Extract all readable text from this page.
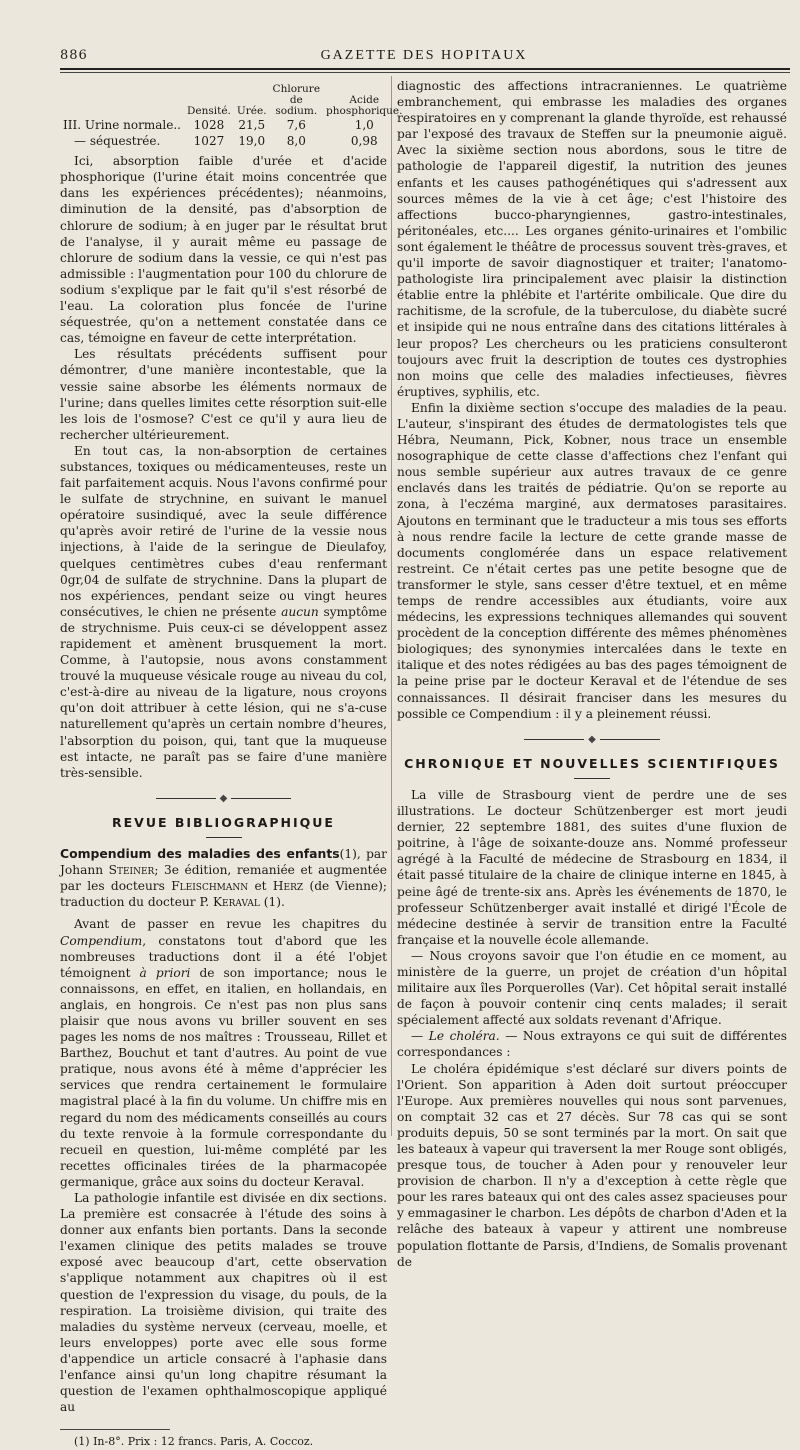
886	GAZETTE DES HOPITAUX
	Densité.	Urée.	Chlorure de sodium.	Acide phosphorique.
III. Urine normale..	1028	21,5	7,6	1,0
— séquestrée.	1027	19,0	8,0	0,98

Ici, absorption faible d'urée et d'acide phosphorique (l'urine était moins concentrée que dans les expériences précédentes); néanmoins, diminution de la densité, pas d'absorption de chlorure de sodium; à en juger par le résultat brut de l'analyse, il y aurait même eu passage de chlorure de sodium dans la vessie, ce qui n'est pas admissible : l'augmentation pour 100 du chlorure de sodium s'explique par le fait qu'il s'est résorbé de l'eau. La coloration plus foncée de l'urine séquestrée, qu'on a nettement constatée dans ce cas, témoigne en faveur de cette interprétation.

Les résultats précédents suffisent pour démontrer, d'une manière incontestable, que la vessie saine absorbe les éléments normaux de l'urine; dans quelles limites cette résorption suit-elle les lois de l'osmose? C'est ce qu'il y aura lieu de rechercher ultérieurement.

En tout cas, la non-absorption de certaines substances, toxiques ou médicamenteuses, reste un fait parfaitement acquis. Nous l'avons confirmé pour le sulfate de strychnine, en suivant le manuel opératoire susindiqué, avec la seule différence qu'après avoir retiré de l'urine de la vessie nous injections, à l'aide de la seringue de Dieulafoy, quelques centimètres cubes d'eau renfermant 0gr,04 de sulfate de strychnine. Dans la plupart de nos expériences, pendant seize ou vingt heures consécutives, le chien ne présente aucun symptôme de strychnisme. Puis ceux-ci se développent assez rapidement et amènent brusquement la mort. Comme, à l'autopsie, nous avons constamment trouvé la muqueuse vésicale rouge au niveau du col, c'est-à-dire au niveau de la ligature, nous croyons qu'on doit attribuer à cette lésion, qui ne s'a-cuse naturellement qu'après un certain nombre d'heures, l'absorption du poison, qui, tant que la muqueuse est intacte, ne paraît pas se faire d'une manière très-sensible.

◆
REVUE BIBLIOGRAPHIQUE

Compendium des maladies des enfants(1), par Johann Steiner; 3e édition, remaniée et augmentée par les docteurs Fleischmann et Herz (de Vienne); traduction du docteur P. Keraval (1).

Avant de passer en revue les chapitres du Compendium, constatons tout d'abord que les nombreuses traductions dont il a été l'objet témoignent à priori de son importance; nous le connaissons, en effet, en italien, en hollandais, en anglais, en hongrois. Ce n'est pas non plus sans plaisir que nous avons vu briller souvent en ses pages les noms de nos maîtres : Trousseau, Rillet et Barthez, Bouchut et tant d'autres. Au point de vue pratique, nous avons été à même d'apprécier les services que rendra certainement le formulaire magistral placé à la fin du volume. Un chiffre mis en regard du nom des médicaments conseillés au cours du texte renvoie à la formule correspondante du recueil en question, lui-même complété par les recettes officinales tirées de la pharmacopée germanique, grâce aux soins du docteur Keraval.

La pathologie infantile est divisée en dix sections. La première est consacrée à l'étude des soins à donner aux enfants bien portants. Dans la seconde l'examen clinique des petits malades se trouve exposé avec beaucoup d'art, cette observation s'applique notamment aux chapitres où il est question de l'expression du visage, du pouls, de la respiration. La troisième division, qui traite des maladies du système nerveux (cerveau, moelle, et leurs enveloppes) porte avec elle sous forme d'appendice un article consacré à l'aphasie dans l'enfance ainsi qu'un long chapitre résumant la question de l'examen ophthalmoscopique appliqué au

(1) In-8°. Prix : 12 francs. Paris, A. Coccoz.

diagnostic des affections intracraniennes. Le quatrième embranchement, qui embrasse les maladies des organes respiratoires en y comprenant la glande thyroïde, est rehaussé par l'exposé des travaux de Steffen sur la pneumonie aiguë. Avec la sixième section nous abordons, sous le titre de pathologie de l'appareil digestif, la nutrition des jeunes enfants et les causes pathogénétiques qui s'adressent aux sources mêmes de la vie à cet âge; c'est l'histoire des affections bucco-pharyngiennes, gastro-intestinales, péritonéales, etc.... Les organes génito-urinaires et l'ombilic sont également le théâtre de processus souvent très-graves, et qu'il importe de savoir diagnostiquer et traiter; l'anatomo-pathologiste lira principalement avec plaisir la distinction établie entre la phlébite et l'artérite ombilicale. Que dire du rachitisme, de la scrofule, de la tuberculose, du diabète sucré et insipide qui ne nous entraîne dans des citations littérales à leur propos? Les chercheurs ou les praticiens consulteront toujours avec fruit la description de toutes ces dystrophies non moins que celle des maladies infectieuses, fièvres éruptives, syphilis, etc.

Enfin la dixième section s'occupe des maladies de la peau. L'auteur, s'inspirant des études de dermatologistes tels que Hébra, Neumann, Pick, Kobner, nous trace un ensemble nosographique de cette classe d'affections chez l'enfant qui nous semble supérieur aux autres travaux de ce genre enclavés dans les traités de pédiatrie. Qu'on se reporte au zona, à l'eczéma marginé, aux dermatoses parasitaires. Ajoutons en terminant que le traducteur a mis tous ses efforts à nous rendre facile la lecture de cette grande masse de documents conglomérée dans un espace relativement restreint. Ce n'était certes pas une petite besogne que de transformer le style, sans cesser d'être textuel, et en même temps de rendre accessibles aux étudiants, voire aux médecins, les expressions techniques allemandes qui souvent procèdent de la conception différente des mêmes phénomènes biologiques; des synonymies intercalées dans le texte en italique et des notes rédigées au bas des pages témoignent de la peine prise par le docteur Keraval et de l'étendue de ses connaissances. Il désirait franciser dans les mesures du possible ce Compendium : il y a pleinement réussi.

◆
CHRONIQUE ET NOUVELLES SCIENTIFIQUES

La ville de Strasbourg vient de perdre une de ses illustrations. Le docteur Schützenberger est mort jeudi dernier, 22 septembre 1881, des suites d'une fluxion de poitrine, à l'âge de soixante-douze ans. Nommé professeur agrégé à la Faculté de médecine de Strasbourg en 1834, il était passé titulaire de la chaire de clinique interne en 1845, à peine âgé de trente-six ans. Après les événements de 1870, le professeur Schützenberger avait installé et dirigé l'École de médecine destinée à servir de transition entre la Faculté française et la nouvelle école allemande.

— Nous croyons savoir que l'on étudie en ce moment, au ministère de la guerre, un projet de création d'un hôpital militaire aux îles Porquerolles (Var). Cet hôpital serait installé de façon à pouvoir contenir cinq cents malades; il serait spécialement affecté aux soldats revenant d'Afrique.

— Le choléra. — Nous extrayons ce qui suit de différentes correspondances :

Le choléra épidémique s'est déclaré sur divers points de l'Orient. Son apparition à Aden doit surtout préoccuper l'Europe. Aux premières nouvelles qui nous sont parvenues, on comptait 32 cas et 27 décès. Sur 78 cas qui se sont produits depuis, 50 se sont terminés par la mort. On sait que les bateaux à vapeur qui traversent la mer Rouge sont obligés, presque tous, de toucher à Aden pour y renouveler leur provision de charbon. Il n'y a d'exception à cette règle que pour les rares bateaux qui ont des cales assez spacieuses pour y emmagasiner le charbon. Les dépôts de charbon d'Aden et la relâche des bateaux à vapeur y attirent une nombreuse population flottante de Parsis, d'Indiens, de Somalis provenant de
